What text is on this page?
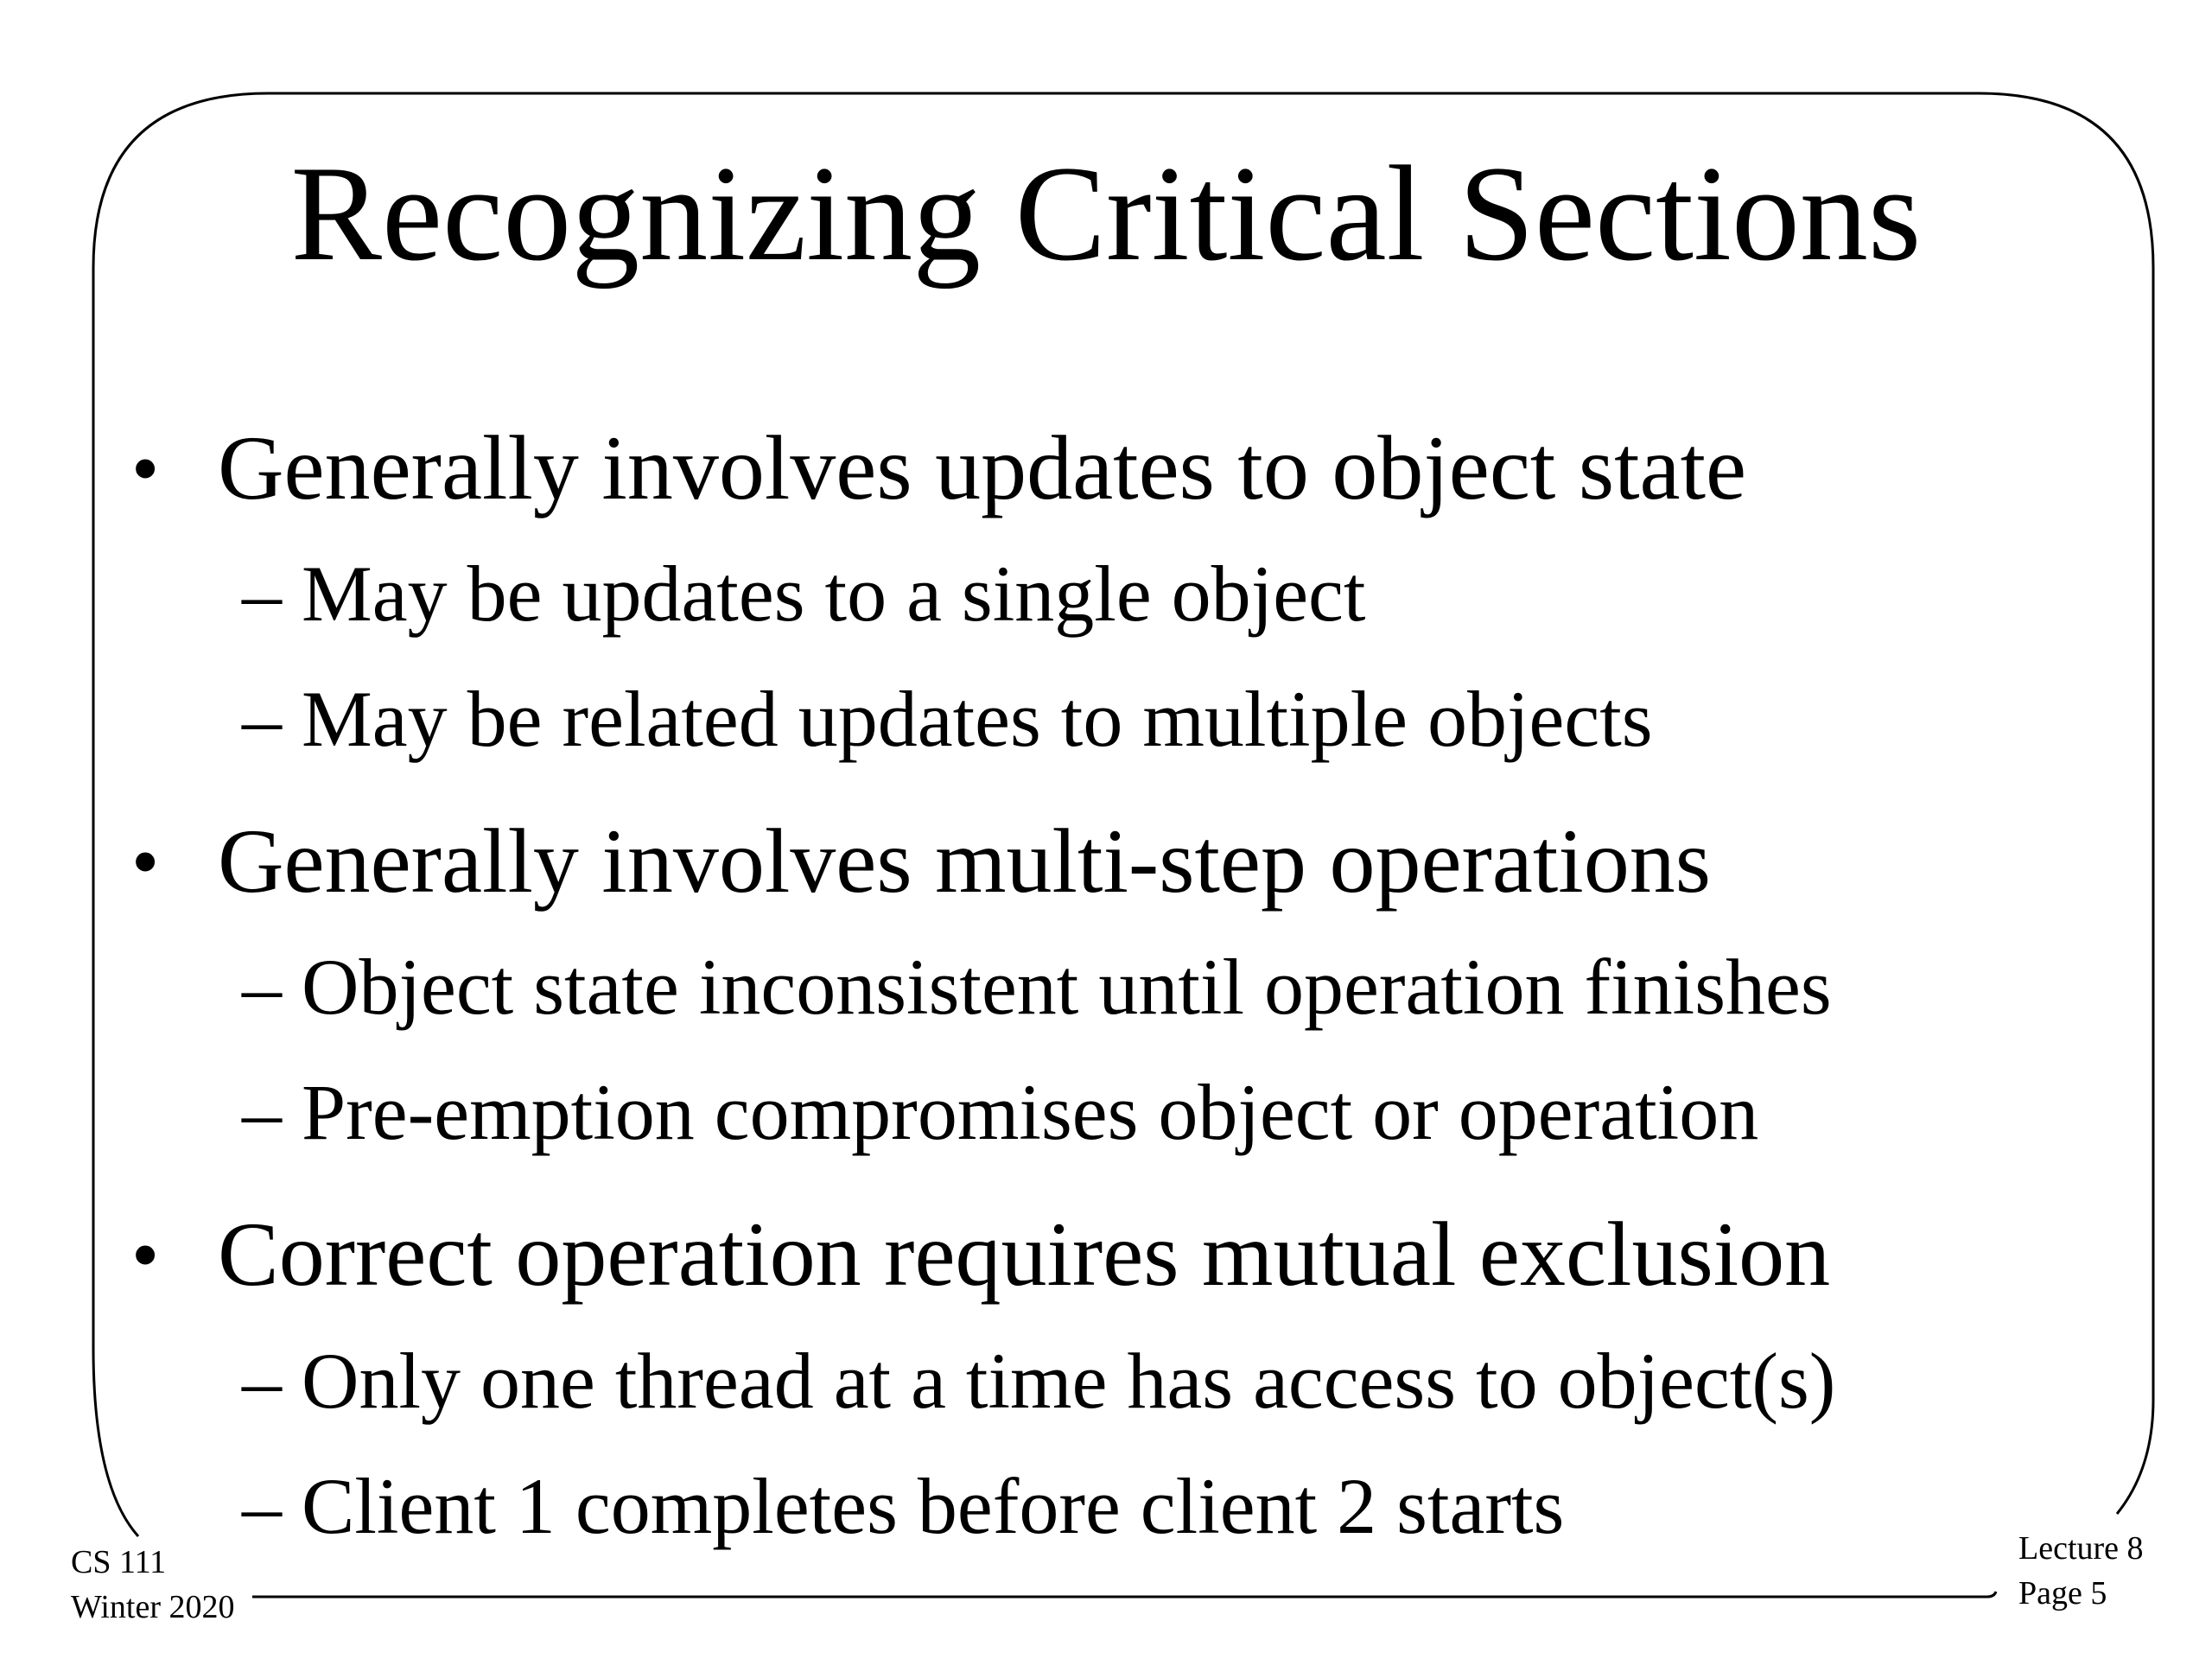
Recognizing Critical Sections
• Generally involves updates to object state
– May be updates to a single object
– May be related updates to multiple objects
• Generally involves multi-step operations
– Object state inconsistent until operation finishes
– Pre-emption compromises object or operation
• Correct operation requires mutual exclusion
– Only one thread at a time has access to object(s)
– Client 1 completes before client 2 starts
CS 111
Winter 2020
Lecture 8
Page 5
